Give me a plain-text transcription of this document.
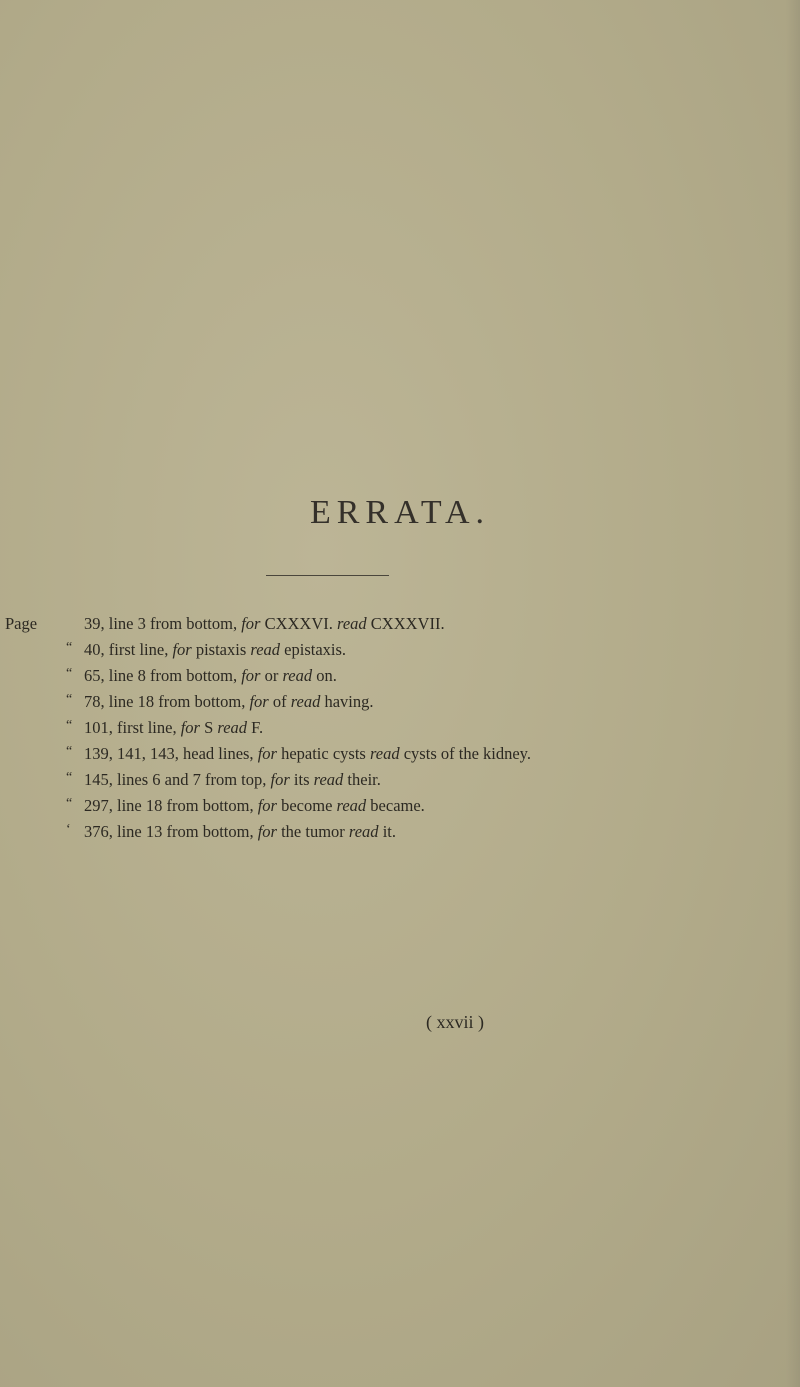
ERRATA.
Page	39, line 3 from bottom, for CXXXVI. read CXXXVII.
“ 40, first line, for pistaxis read epistaxis.
“ 65, line 8 from bottom, for or read on.
“ 78, line 18 from bottom, for of read having.
“ 101, first line, for S read F.
“ 139, 141, 143, head lines, for hepatic cysts read cysts of the kidney.
“ 145, lines 6 and 7 from top, for its read their.
“ 297, line 18 from bottom, for become read became.
‘ 376, line 13 from bottom, for the tumor read it.
( xxvii )
